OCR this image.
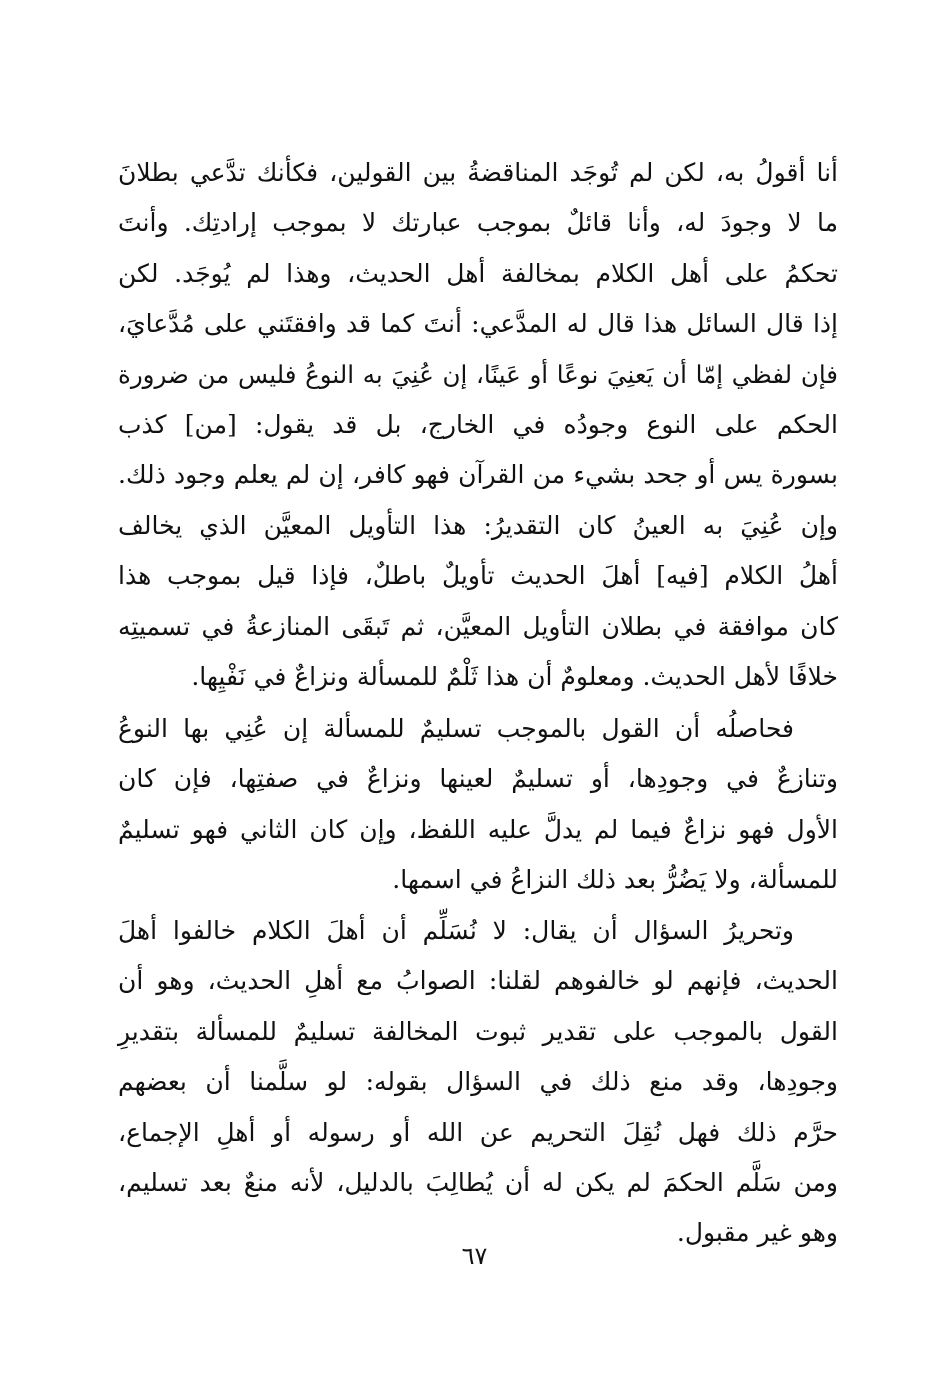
أنا أقولُ به، لكن لم تُوجَد المناقضةُ بين القولين، فكأنك تدَّعي بطلانَ
ما لا وجودَ له، وأنا قائلٌ بموجب عبارتك لا بموجب إرادتِك. وأنتَ
تحكمُ على أهل الكلام بمخالفة أهل الحديث، وهذا لم يُوجَد. لكن
إذا قال السائل هذا قال له المدَّعي: أنتَ كما قد وافقتَني على مُدَّعايَ،
فإن لفظي إمّا أن يَعنِيَ نوعًا أو عَينًا، إن عُنِيَ به النوعُ فليس من ضرورة
الحكم على النوع وجودُه في الخارج، بل قد يقول: [من] كذب
بسورة يس أو جحد بشيء من القرآن فهو كافر، إن لم يعلم وجود ذلك.
وإن عُنِيَ به العينُ كان التقديرُ: هذا التأويل المعيَّن الذي يخالف
أهلُ الكلام [فيه] أهلَ الحديث تأويلٌ باطلٌ، فإذا قيل بموجب هذا
كان موافقة في بطلان التأويل المعيَّن، ثم تَبقَى المنازعةُ في تسميتِه
خلافًا لأهل الحديث. ومعلومٌ أن هذا ثَلْمٌ للمسألة ونزاعٌ في نَفْيِها.
فحاصلُه أن القول بالموجب تسليمٌ للمسألة إن عُنِي بها النوعُ
وتنازعٌ في وجودِها، أو تسليمٌ لعينها ونزاعٌ في صفتِها، فإن كان
الأول فهو نزاعٌ فيما لم يدلَّ عليه اللفظ، وإن كان الثاني فهو تسليمٌ
للمسألة، ولا يَضُرُّ بعد ذلك النزاعُ في اسمها.
وتحريرُ السؤال أن يقال: لا نُسَلِّم أن أهلَ الكلام خالفوا أهلَ
الحديث، فإنهم لو خالفوهم لقلنا: الصوابُ مع أهلِ الحديث، وهو أن
القول بالموجب على تقدير ثبوت المخالفة تسليمٌ للمسألة بتقديرِ
وجودِها، وقد منع ذلك في السؤال بقوله: لو سلَّمنا أن بعضهم
حرَّم ذلك فهل نُقِلَ التحريم عن الله أو رسوله أو أهلِ الإجماع،
ومن سَلَّم الحكمَ لم يكن له أن يُطالِبَ بالدليل، لأنه منعٌ بعد تسليم،
وهو غير مقبول.
٦٧
